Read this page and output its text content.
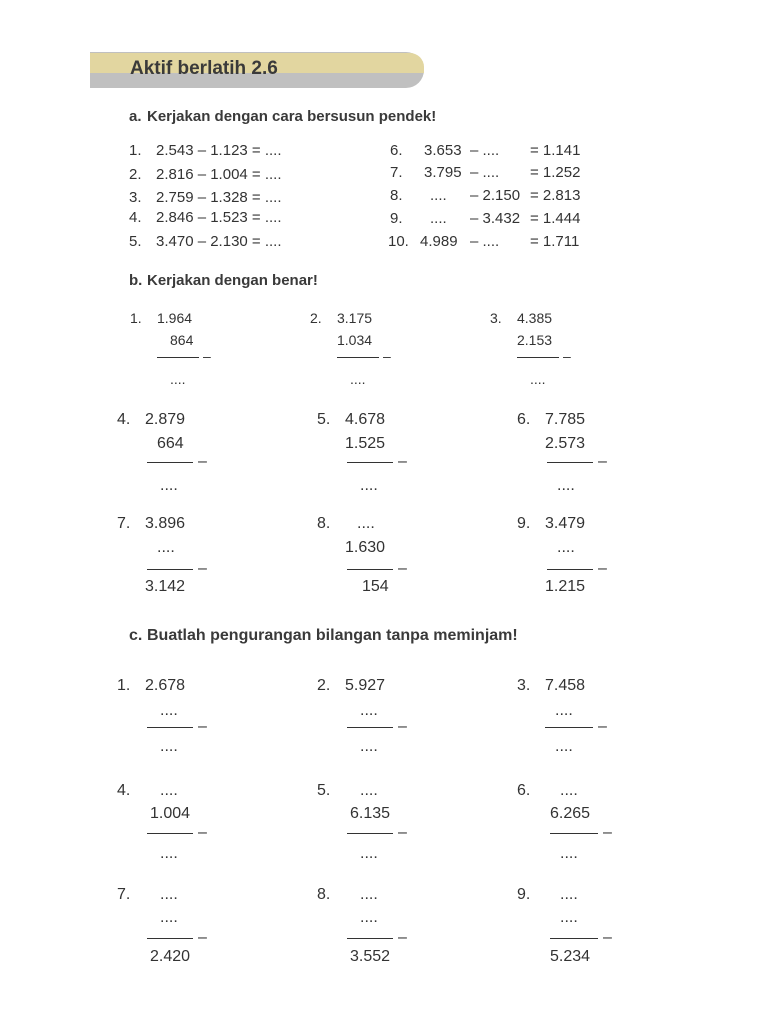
Aktif berlatih 2.6
a. Kerjakan dengan cara bersusun pendek!
1. 2.543 – 1.123 = ....
2. 2.816 – 1.004 = ....
3. 2.759 – 1.328 = ....
4. 2.846 – 1.523 = ....
5. 3.470 – 2.130 = ....
6. 3.653 – .... = 1.141
7. 3.795 – .... = 1.252
8. .... – 2.150 = 2.813
9. .... – 3.432 = 1.444
10. 4.989 – .... = 1.711
b. Kerjakan dengan benar!
1. 1.964
864
–
....
2. 3.175
1.034
–
....
3. 4.385
2.153
–
....
4. 2.879
664
–
....
5. 4.678
1.525
–
....
6. 7.785
2.573
–
....
7. 3.896
....
–
3.142
8. ....
1.630
–
154
9. 3.479
....
–
1.215
c. Buatlah pengurangan bilangan tanpa meminjam!
1. 2.678
....
–
....
2. 5.927
....
–
....
3. 7.458
....
–
....
4. ....
1.004
–
....
5. ....
6.135
–
....
6. ....
6.265
–
....
7. ....
....
–
2.420
8. ....
....
–
3.552
9. ....
....
–
5.234
